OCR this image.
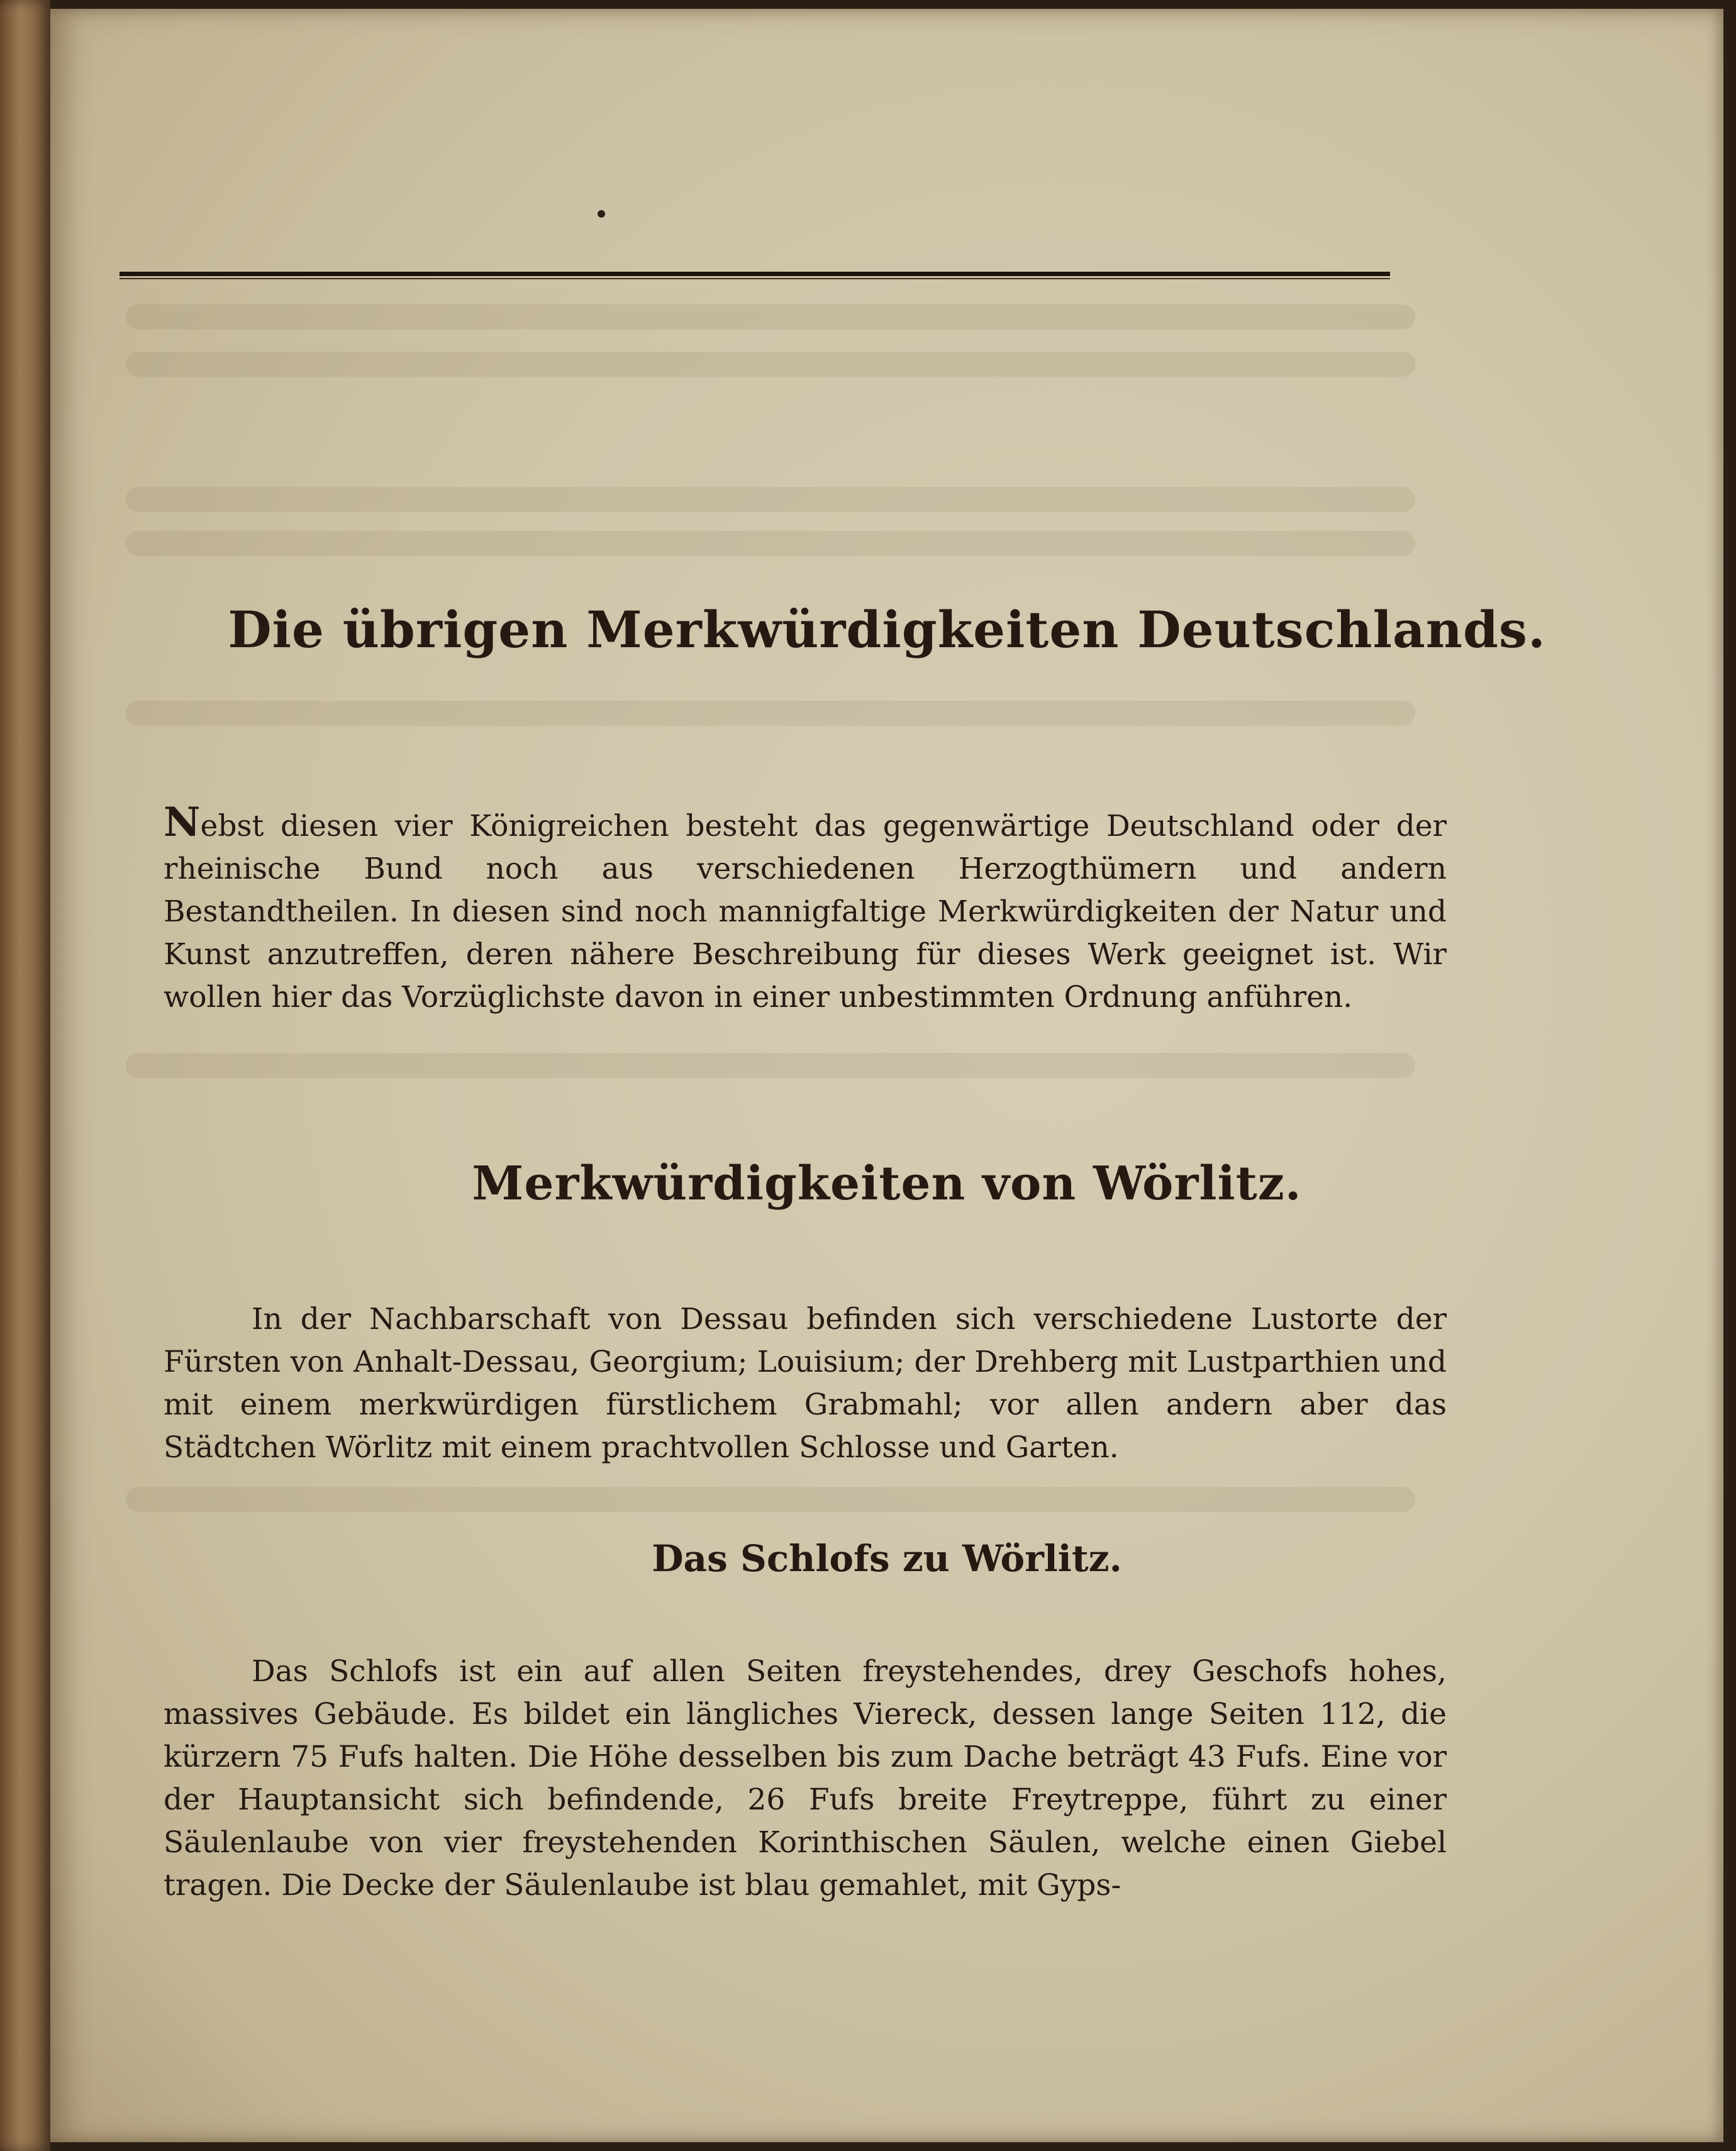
Die übrigen Merkwürdigkeiten Deutschlands.

Nebst diesen vier Königreichen besteht das gegenwärtige Deutschland oder der rheinische Bund noch aus verschiedenen Herzogthümern und andern Bestandtheilen. In diesen sind noch mannigfaltige Merkwürdigkeiten der Natur und Kunst anzutreffen, deren nähere Beschreibung für dieses Werk geeignet ist. Wir wollen hier das Vorzüglichste davon in einer unbestimmten Ordnung anführen.

Merkwürdigkeiten von Wörlitz.

In der Nachbarschaft von Dessau befinden sich verschiedene Lustorte der Fürsten von Anhalt-Dessau, Georgium; Louisium; der Drehberg mit Lustparthien und mit einem merkwürdigen fürstlichem Grabmahl; vor allen andern aber das Städtchen Wörlitz mit einem prachtvollen Schlosse und Garten.

Das Schlofs zu Wörlitz.

Das Schlofs ist ein auf allen Seiten freystehendes, drey Geschofs hohes, massives Gebäude. Es bildet ein längliches Viereck, dessen lange Seiten 112, die kürzern 75 Fufs halten. Die Höhe desselben bis zum Dache beträgt 43 Fufs. Eine vor der Hauptansicht sich befindende, 26 Fufs breite Freytreppe, führt zu einer Säulenlaube von vier freystehenden Korinthischen Säulen, welche einen Giebel tragen. Die Decke der Säulenlaube ist blau gemahlet, mit Gyps-
